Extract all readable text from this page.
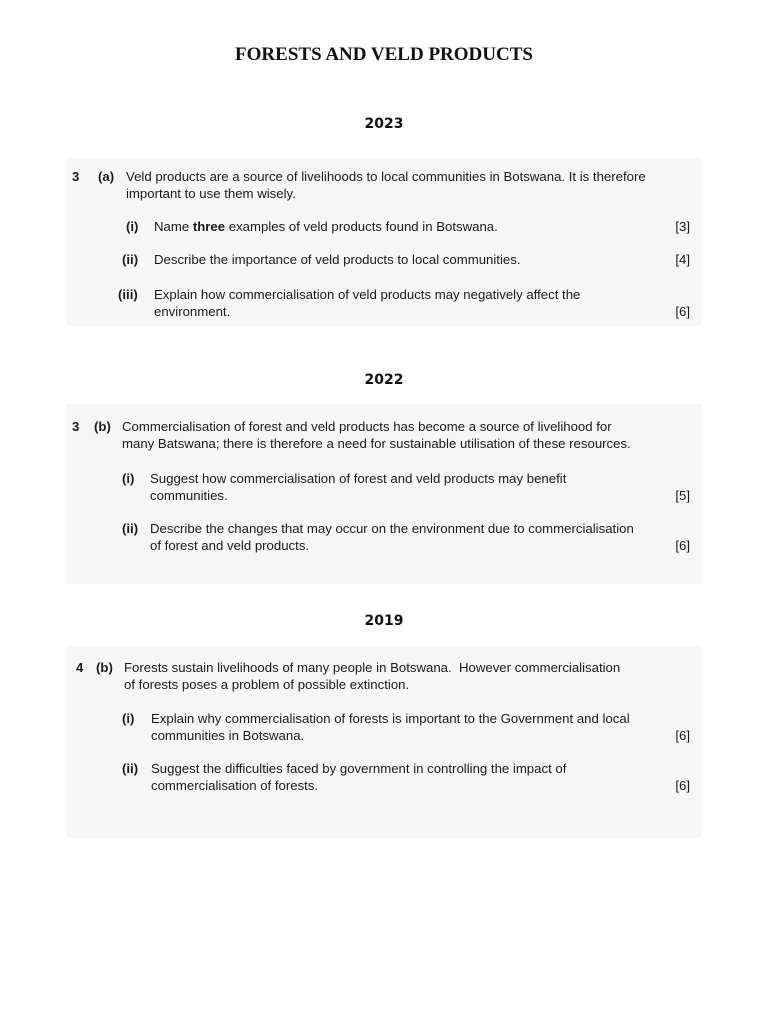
FORESTS AND VELD PRODUCTS
2023
3 (a) Veld products are a source of livelihoods to local communities in Botswana. It is therefore
important to use them wisely.
(i) Name three examples of veld products found in Botswana.	[3]
(ii) Describe the importance of veld products to local communities.	[4]
(iii) Explain how commercialisation of veld products may negatively affect the
environment.	[6]
2022
3 (b) Commercialisation of forest and veld products has become a source of livelihood for
many Batswana; there is therefore a need for sustainable utilisation of these resources.
(i) Suggest how commercialisation of forest and veld products may benefit
communities.	[5]
(ii) Describe the changes that may occur on the environment due to commercialisation
of forest and veld products.	[6]
2019
4 (b) Forests sustain livelihoods of many people in Botswana.  However commercialisation
of forests poses a problem of possible extinction.
(i) Explain why commercialisation of forests is important to the Government and local
communities in Botswana.	[6]
(ii) Suggest the difficulties faced by government in controlling the impact of
commercialisation of forests.	[6]
